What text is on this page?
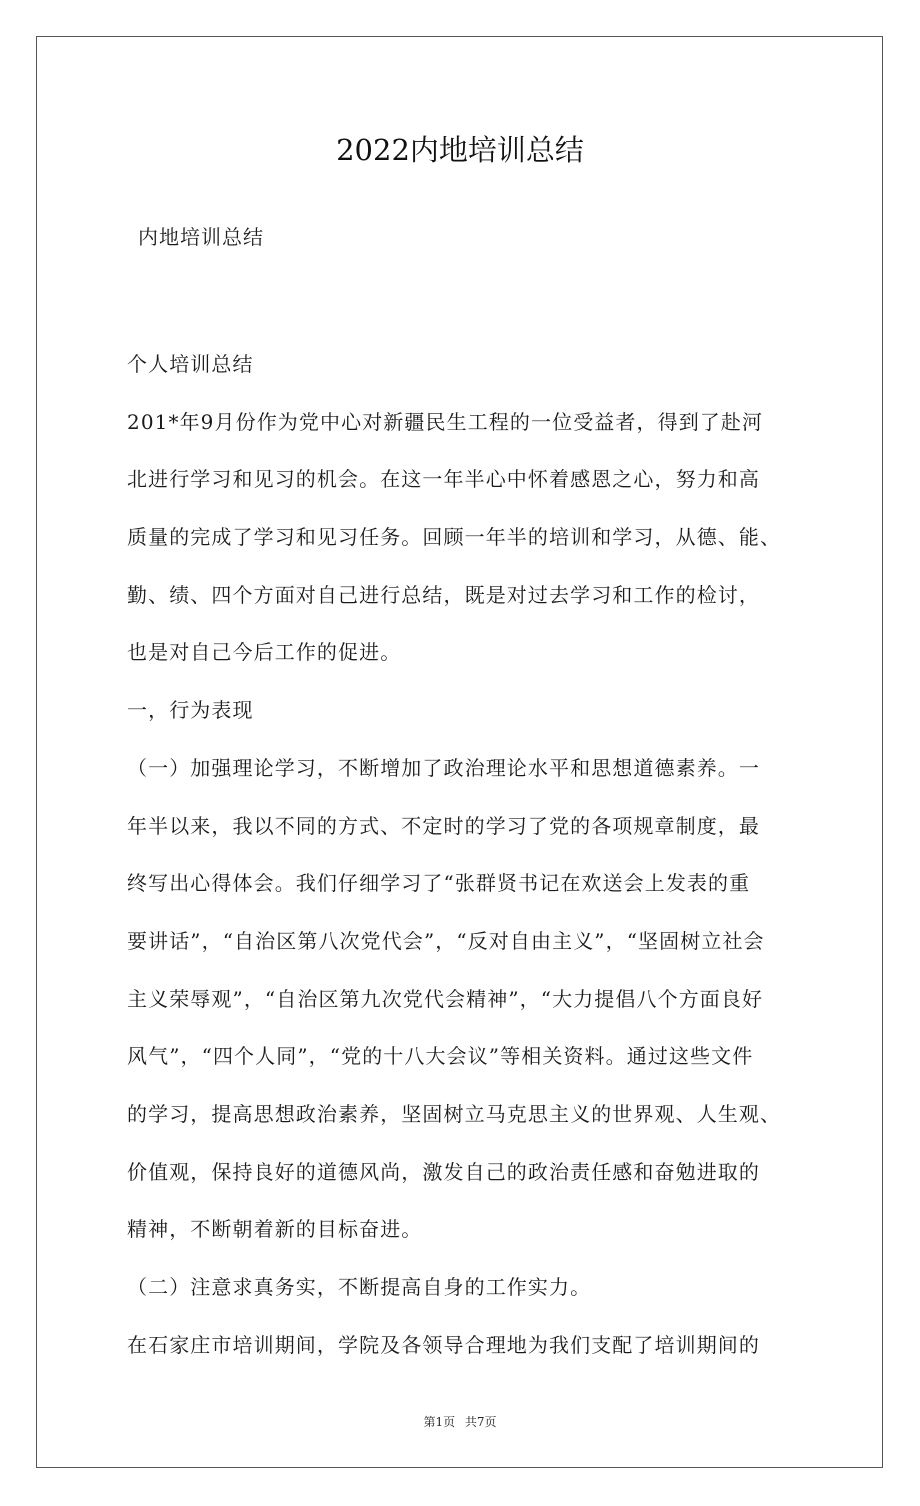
2022内地培训总结
内地培训总结
个人培训总结
201*年9月份作为党中心对新疆民生工程的一位受益者，得到了赴河
北进行学习和见习的机会。在这一年半心中怀着感恩之心，努力和高
质量的完成了学习和见习任务。回顾一年半的培训和学习，从德、能、
勤、绩、四个方面对自己进行总结，既是对过去学习和工作的检讨，
也是对自己今后工作的促进。
一，行为表现
（一）加强理论学习，不断增加了政治理论水平和思想道德素养。一
年半以来，我以不同的方式、不定时的学习了党的各项规章制度，最
终写出心得体会。我们仔细学习了“张群贤书记在欢送会上发表的重
要讲话”，“自治区第八次党代会”，“反对自由主义”，“坚固树立社会
主义荣辱观”，“自治区第九次党代会精神”，“大力提倡八个方面良好
风气”，“四个人同”，“党的十八大会议”等相关资料。通过这些文件
的学习，提高思想政治素养，坚固树立马克思主义的世界观、人生观、
价值观，保持良好的道德风尚，激发自己的政治责任感和奋勉进取的
精神，不断朝着新的目标奋进。
（二）注意求真务实，不断提高自身的工作实力。
在石家庄市培训期间，学院及各领导合理地为我们支配了培训期间的
第1页 共7页
